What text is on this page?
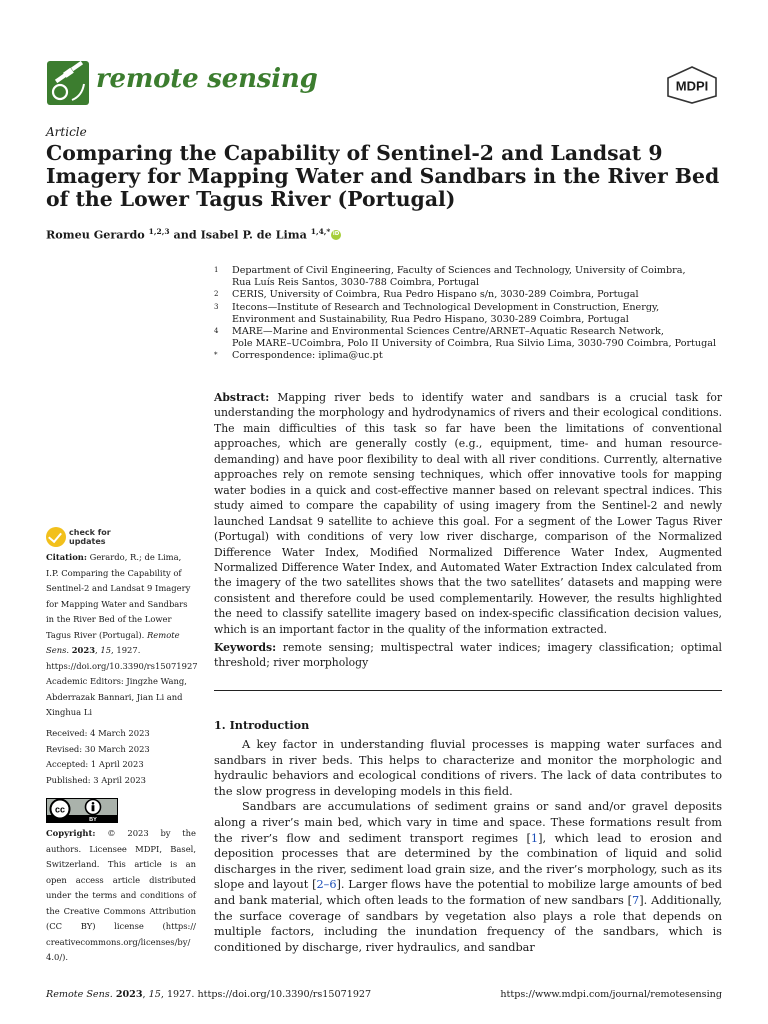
remote sensing	MDPI
Article
Comparing the Capability of Sentinel-2 and Landsat 9 Imagery for Mapping Water and Sandbars in the River Bed of the Lower Tagus River (Portugal)
Romeu Gerardo $^{1,2,3}$ and Isabel P. de Lima $^{1,4,*}$iD
1	Department of Civil Engineering, Faculty of Sciences and Technology, University of Coimbra,
Rua Luís Reis Santos, 3030-788 Coimbra, Portugal
2	CERIS, University of Coimbra, Rua Pedro Hispano s/n, 3030-289 Coimbra, Portugal
3	Itecons—Institute of Research and Technological Development in Construction, Energy,
Environment and Sustainability, Rua Pedro Hispano, 3030-289 Coimbra, Portugal
4	MARE—Marine and Environmental Sciences Centre/ARNET–Aquatic Research Network,
Pole MARE–UCoimbra, Polo II University of Coimbra, Rua Silvio Lima, 3030-790 Coimbra, Portugal
*	Correspondence: iplima@uc.pt

Abstract: Mapping river beds to identify water and sandbars is a crucial task for understanding the morphology and hydrodynamics of rivers and their ecological conditions. The main difficulties of this task so far have been the limitations of conventional approaches, which are generally costly (e.g., equipment, time- and human resource-demanding) and have poor flexibility to deal with all river conditions. Currently, alternative approaches rely on remote sensing techniques, which offer innovative tools for mapping water bodies in a quick and cost-effective manner based on relevant spectral indices. This study aimed to compare the capability of using imagery from the Sentinel-2 and newly launched Landsat 9 satellite to achieve this goal. For a segment of the Lower Tagus River (Portugal) with conditions of very low river discharge, comparison of the Normalized Difference Water Index, Modified Normalized Difference Water Index, Augmented Normalized Difference Water Index, and Automated Water Extraction Index calculated from the imagery of the two satellites shows that the two satellites’ datasets and mapping were consistent and therefore could be used complementarily. However, the results highlighted the need to classify satellite imagery based on index-specific classification decision values, which is an important factor in the quality of the information extracted.

Keywords: remote sensing; multispectral water indices; imagery classification; optimal threshold; river morphology

1. Introduction

A key factor in understanding fluvial processes is mapping water surfaces and sandbars in river beds. This helps to characterize and monitor the morphologic and hydraulic behaviors and ecological conditions of rivers. The lack of data contributes to the slow progress in developing models in this field.

Sandbars are accumulations of sediment grains or sand and/or gravel deposits along a river’s main bed, which vary in time and space. These formations result from the river’s flow and sediment transport regimes [1], which lead to erosion and deposition processes that are determined by the combination of liquid and solid discharges in the river, sediment load grain size, and the river’s morphology, such as its slope and layout [2–6]. Larger flows have the potential to mobilize large amounts of bed and bank material, which often leads to the formation of new sandbars [7]. Additionally, the surface coverage of sandbars by vegetation also plays a role that depends on multiple factors, including the inundation frequency of the sandbars, which is conditioned by discharge, river hydraulics, and sandbar

check for
updates
Citation: Gerardo, R.; de Lima, I.P. Comparing the Capability of Sentinel-2 and Landsat 9 Imagery for Mapping Water and Sandbars in the River Bed of the Lower Tagus River (Portugal). Remote Sens. 2023, 15, 1927. https://doi.org/10.3390/rs15071927
Academic Editors: Jingzhe Wang, Abderrazak Bannari, Jian Li and Xinghua Li
Received: 4 March 2023
Revised: 30 March 2023
Accepted: 1 April 2023
Published: 3 April 2023
cc
BY
Copyright: © 2023 by the authors. Licensee MDPI, Basel, Switzerland. This article is an open access article distributed under the terms and conditions of the Creative Commons Attribution (CC BY) license (https:// creativecommons.org/licenses/by/ 4.0/).
Remote Sens. 2023, 15, 1927. https://doi.org/10.3390/rs15071927	https://www.mdpi.com/journal/remotesensing
